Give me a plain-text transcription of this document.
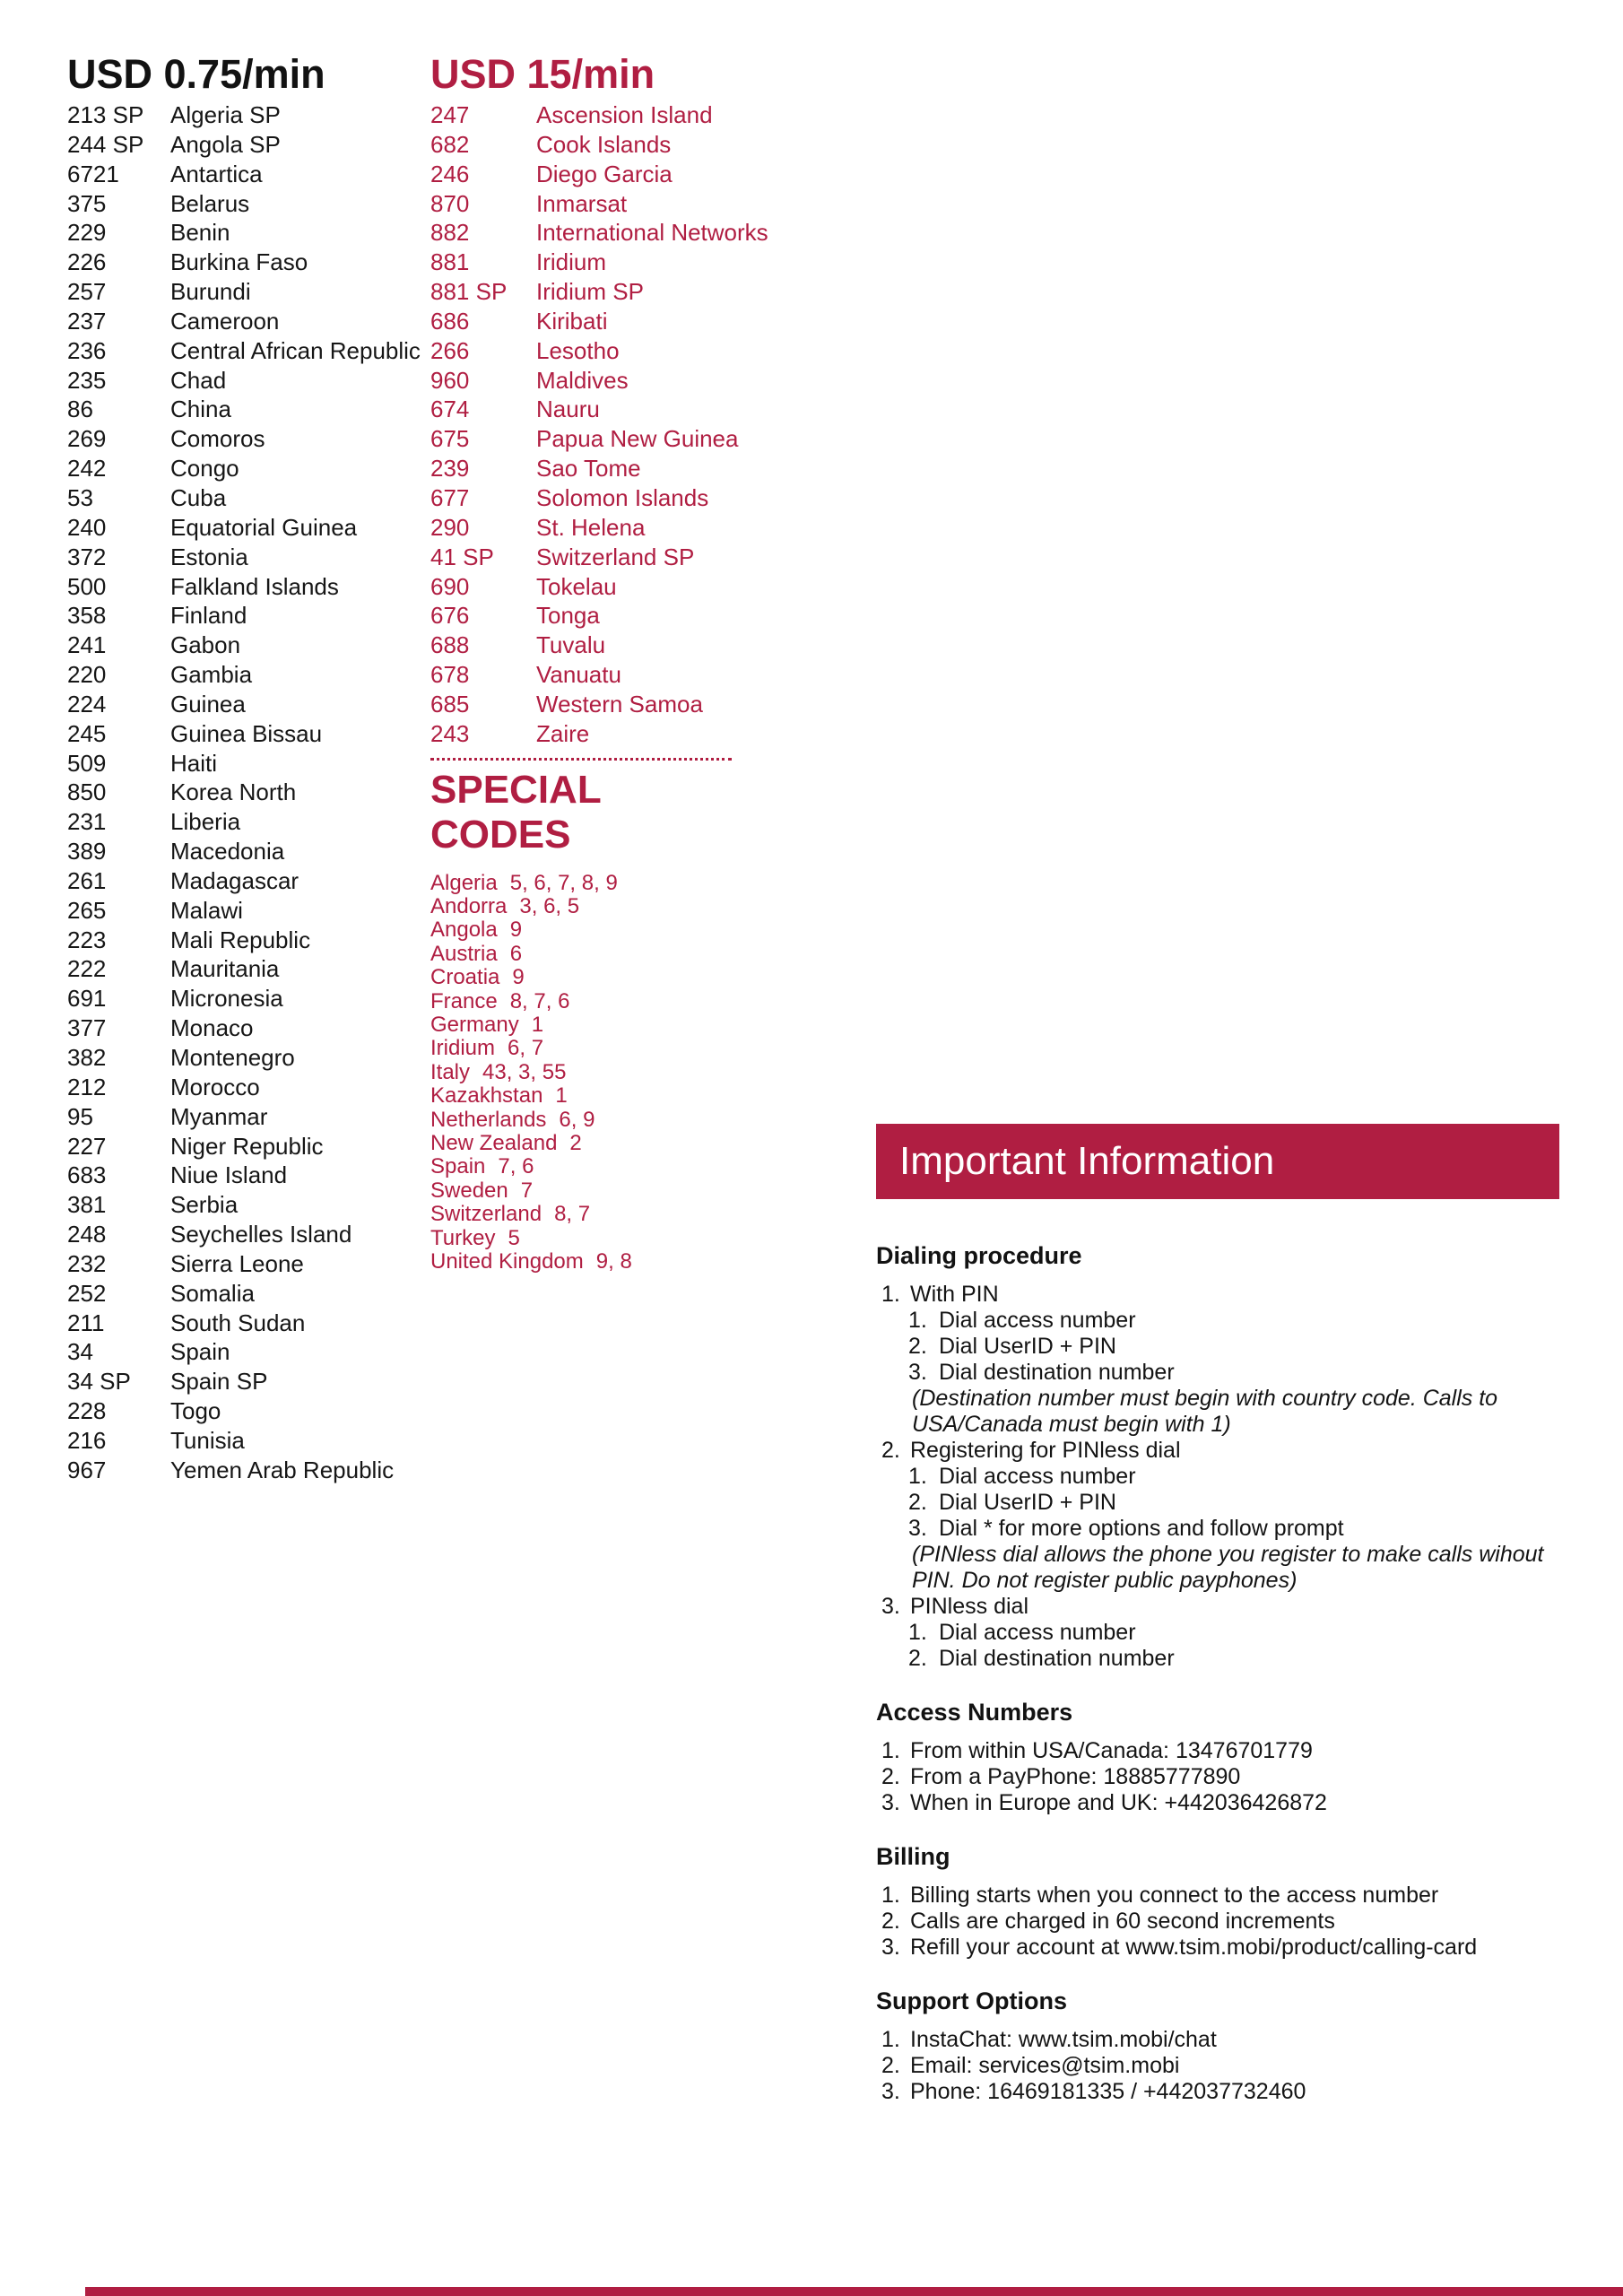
USD 0.75/min
213 SP	Algeria SP
244 SP	Angola SP
6721	Antartica
375	Belarus
229	Benin
226	Burkina Faso
257	Burundi
237	Cameroon
236	Central African Republic
235	Chad
86	China
269	Comoros
242	Congo
53	Cuba
240	Equatorial Guinea
372	Estonia
500	Falkland Islands
358	Finland
241	Gabon
220	Gambia
224	Guinea
245	Guinea Bissau
509	Haiti
850	Korea North
231	Liberia
389	Macedonia
261	Madagascar
265	Malawi
223	Mali Republic
222	Mauritania
691	Micronesia
377	Monaco
382	Montenegro
212	Morocco
95	Myanmar
227	Niger Republic
683	Niue Island
381	Serbia
248	Seychelles Island
232	Sierra Leone
252	Somalia
211	South Sudan
34	Spain
34 SP	Spain SP
228	Togo
216	Tunisia
967	Yemen Arab Republic
USD 15/min
247	Ascension Island
682	Cook Islands
246	Diego Garcia
870	Inmarsat
882	International Networks
881	Iridium
881 SP	Iridium SP
686	Kiribati
266	Lesotho
960	Maldives
674	Nauru
675	Papua New Guinea
239	Sao Tome
677	Solomon Islands
290	St. Helena
41 SP	Switzerland SP
690	Tokelau
676	Tonga
688	Tuvalu
678	Vanuatu
685	Western Samoa
243	Zaire
SPECIAL CODES
Algeria 5, 6, 7, 8, 9
Andorra 3, 6, 5
Angola 9
Austria 6
Croatia 9
France 8, 7, 6
Germany 1
Iridium 6, 7
Italy 43, 3, 55
Kazakhstan 1
Netherlands 6, 9
New Zealand 2
Spain 7, 6
Sweden 7
Switzerland 8, 7
Turkey 5
United Kingdom 9, 8
Important Information
Dialing procedure
1. With PIN
1. Dial access number
2. Dial UserID + PIN
3. Dial destination number
(Destination number must begin with country code. Calls to USA/Canada must begin with 1)
2. Registering for PINless dial
1. Dial access number
2. Dial UserID + PIN
3. Dial * for more options and follow prompt
(PINless dial allows the phone you register to make calls wihout PIN. Do not register public payphones)
3. PINless dial
1. Dial access number
2. Dial destination number
Access Numbers
1. From within USA/Canada: 13476701779
2. From a PayPhone: 18885777890
3. When in Europe and UK: +442036426872
Billing
1. Billing starts when you connect to the access number
2. Calls are charged in 60 second increments
3. Refill your account at www.tsim.mobi/product/calling-card
Support Options
1. InstaChat: www.tsim.mobi/chat
2. Email: services@tsim.mobi
3. Phone: 16469181335 / +442037732460
